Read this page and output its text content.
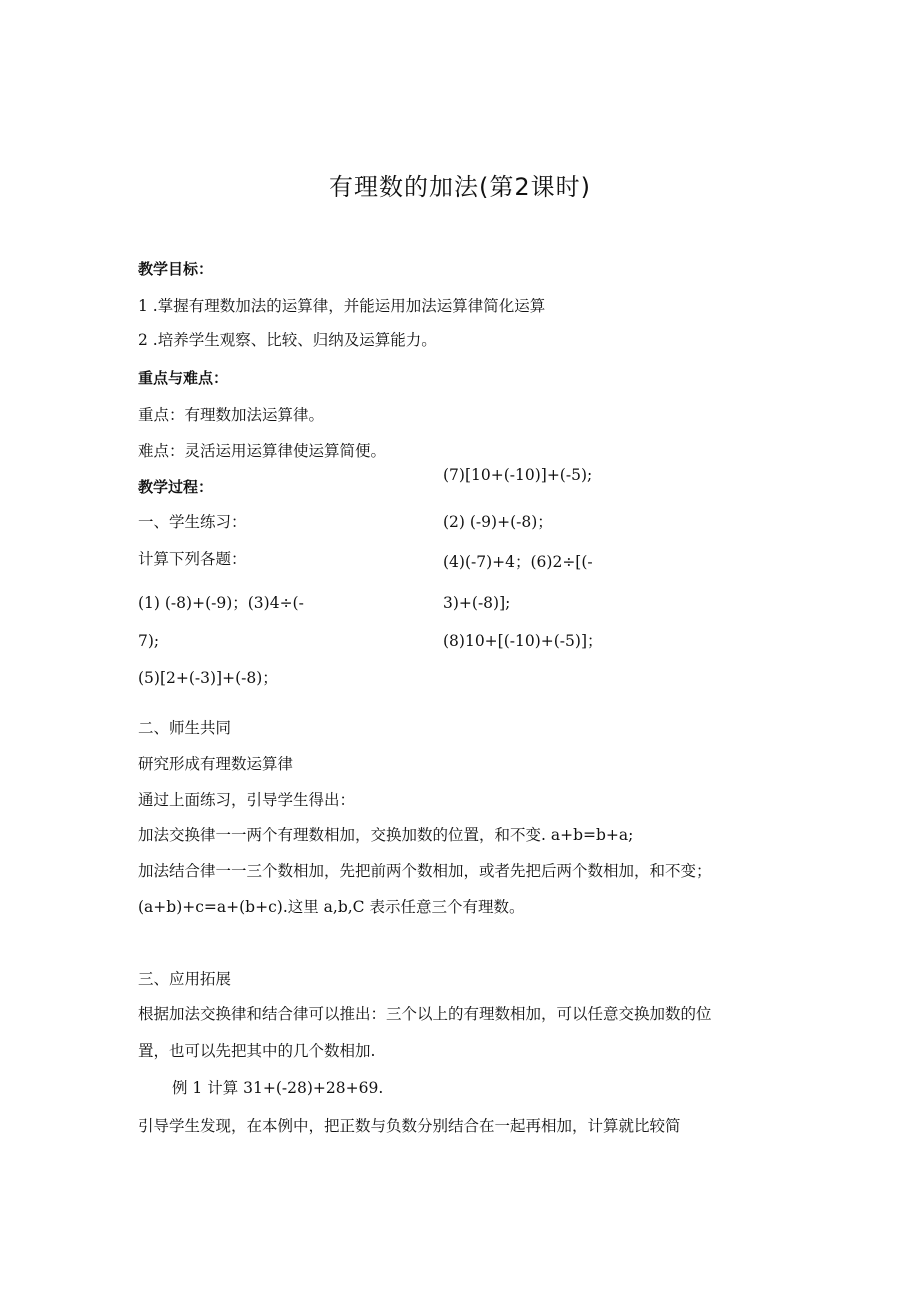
有理数的加法(第2课时)
教学目标：
1 .掌握有理数加法的运算律，并能运用加法运算律简化运算
2 .培养学生观察、比较、归纳及运算能力。
重点与难点：
重点：有理数加法运算律。
难点：灵活运用运算律使运算简便。
教学过程：
一、学生练习：
计算下列各题：
(1) (-8)+(-9)；(3)4÷(-
7);
(5)[2+(-3)]+(-8)；
(7)[10+(-10)]+(-5);
(2) (-9)+(-8)；
(4)(-7)+4；(6)2÷[(-
3)+(-8)];
(8)10+[(-10)+(-5)]；
二、师生共同
研究形成有理数运算律
通过上面练习，引导学生得出：
加法交换律一一两个有理数相加，交换加数的位置，和不变. a+b=b+a;
加法结合律一一三个数相加，先把前两个数相加，或者先把后两个数相加，和不变；
(a+b)+c=a+(b+c).这里 a,b,C 表示任意三个有理数。
三、应用拓展
根据加法交换律和结合律可以推出：三个以上的有理数相加，可以任意交换加数的位
置，也可以先把其中的几个数相加.
例 1 计算 31+(-28)+28+69.
引导学生发现，在本例中，把正数与负数分别结合在一起再相加，计算就比较简
